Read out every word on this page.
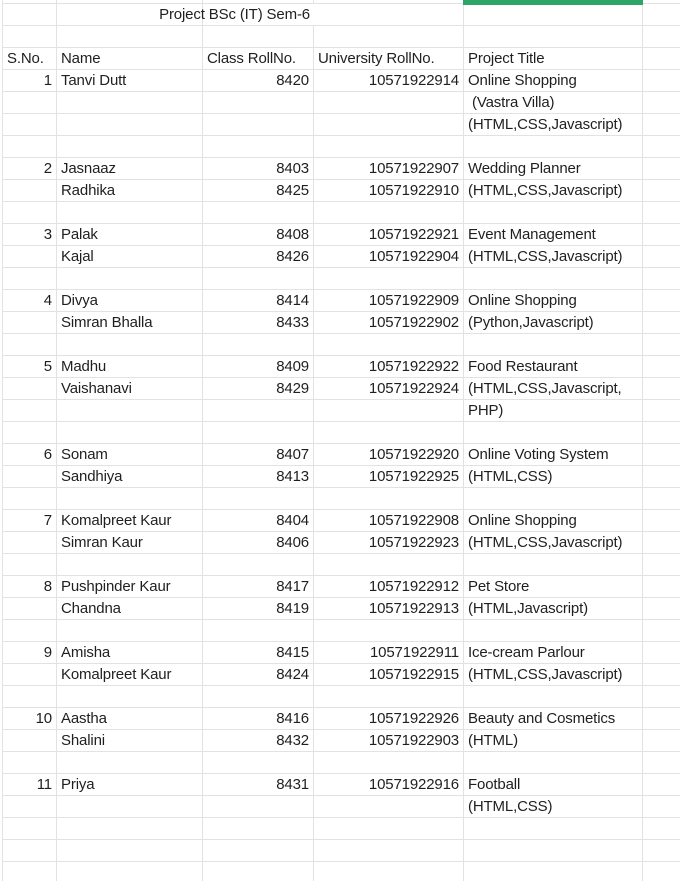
Project BSc (IT) Sem-6
S.No.	Name	Class RollNo.	University RollNo.	Project Title
1 Tanvi Dutt	8420	10571922914 Online Shopping
(Vastra Villa)
(HTML,CSS,Javascript)
2 Jasnaaz	8403	10571922907 Wedding Planner
Radhika	8425	10571922910 (HTML,CSS,Javascript)
3 Palak	8408	10571922921 Event Management
Kajal	8426	10571922904 (HTML,CSS,Javascript)
4 Divya	8414	10571922909 Online Shopping
Simran Bhalla	8433	10571922902 (Python,Javascript)
5 Madhu	8409	10571922922 Food Restaurant
Vaishanavi	8429	10571922924 (HTML,CSS,Javascript,
PHP)
6 Sonam	8407	10571922920 Online Voting System
Sandhiya	8413	10571922925 (HTML,CSS)
7 Komalpreet Kaur	8404	10571922908 Online Shopping
Simran Kaur	8406	10571922923 (HTML,CSS,Javascript)
8 Pushpinder Kaur	8417	10571922912 Pet Store
Chandna	8419	10571922913 (HTML,Javascript)
9 Amisha	8415	10571922911 Ice-cream Parlour
Komalpreet Kaur	8424	10571922915 (HTML,CSS,Javascript)
10 Aastha	8416	10571922926 Beauty and Cosmetics
Shalini	8432	10571922903 (HTML)
11 Priya	8431	10571922916 Football
(HTML,CSS)
